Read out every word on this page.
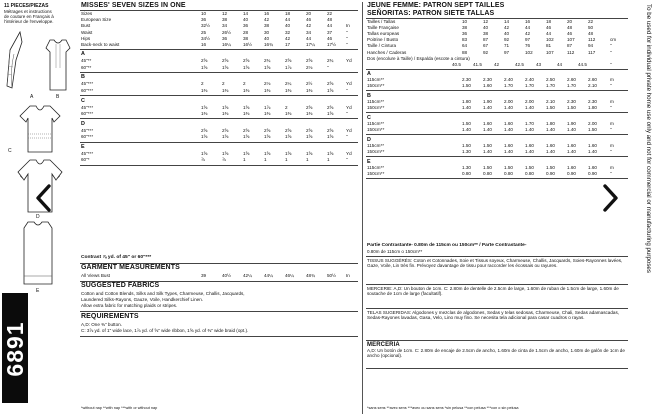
11 PIECES/PIEZAS
Métrages et instructions
de couture en Français à
l'intérieur de l'enveloppe.
A	B
C
D
E
6891
MISSES' SEVEN SIZES IN ONE
Sizes	10	12	14	16	18	20	22
European Size	36	38	40	42	44	46	48
Bust	32½	34	36	38	40	42	44	In
Waist	25	26½	28	30	32	34	37	"
Hips	34½	36	38	40	42	44	46	"
Back-neck to waist	16	16¼	16½	16¾	17	17¼	17½ "
A
45"**	2⅝	2⅝	2⅝	2¾	2⅝	2⅝	2¾	Yd
60"**	1⅝	1⅝	1⅝	1⅝	1⅞	2⅛	"
B
45"***	2	2	2	2⅛	2¼	2½	2⅝	Yd
60"***	1⅜	1⅜	1⅜	1⅜	1⅜	1⅜	1⅝	"
C
45"***	1⅝	1⅝	1⅝	1⅞	2	2⅝	2⅝	Yd
60"***	1⅜	1⅜	1⅜	1⅜	1⅜	1⅜	1⅝	"
D
45"***	2⅝	2⅝	2⅝	2⅝	2⅝	2⅝	2⅝	Yd
60"***	1⅝	1⅝	1⅝	1⅝	1⅝	1⅝	1⅝	"
E
45"***	1⅝	1⅝	1⅝	1⅝	1⅝	1⅝	1⅝	Yd
60"*	⅞	⅞	1	1	1	1	1	"
Contrast ⅞ yd. of 45" or 60"***
GARMENT MEASUREMENTS
All Views Bust	39	40½	42¼	44¼	46¼	48¾	50½ In
SUGGESTED FABRICS
Cotton and Cotton Blends, Silks and Silk Types, Charmeuse, Challis, Jacquards,
Laundered Silks-Rayons, Gauze, Voile, Handkerchief Linen.
Allow extra fabric for matching plaids or stripes.
REQUIREMENTS
A,D: One ⅜" button.
C: 3⅞ yd. of 1" wide lace, 1⅞ yd. of ⅝" wide ribbon, 1⅝ yd. of ⅜" wide braid (opt.).
*without nap **with nap ***with or without nap
JEUNE FEMME: PATRON SEPT TAILLES
SEÑORITAS: PATRON SIETE TALLAS
Tailles / Tallas	10	12	14	16	18	20	22
Taille Française	38	40	42	44	46	48	50
Tallas europeas	36	38	40	42	44	46	48
Poitrine / Busto	83	87	92	97	102	107	112	cm
Taille / Cintura	64	67	71	76	81	87	94	"
Hanches / Caderas	88	92	97	102	107	112	117	"
Dos (encolure à Taille) / Espalda (escote a cintura)
40.5	41.5	42	42.5	43	44	44.5	"
A
115cm**	2.30	2.30	2.40	2.40	2.50	2.60	2.60	m
150cm**	1.50	1.60	1.70	1.70	1.70	1.70	2.10	"
B
115cm**	1.80	1.90	2.00	2.00	2.10	2.30	2.30	m
150cm**	1.40	1.40	1.40	1.40	1.50	1.50	1.80	"
C
115cm**	1.50	1.60	1.60	1.70	1.80	1.90	2.00	m
150cm**	1.40	1.40	1.40	1.40	1.40	1.40	1.50	"
D
115cm**	1.50	1.50	1.60	1.60	1.60	1.60	1.60	m
150cm**	1.30	1.40	1.40	1.40	1.40	1.40	1.40	"
E
115cm**	1.30	1.50	1.50	1.50	1.50	1.60	1.60	m
150cm**	0.80	0.80	0.80	0.80	0.90	0.90	0.90	"
Partie Contrastante- 0.80m de 115cm ou 150cm** / Parte Contrastante-
0.80m de 115cm o 150cm**
TISSUS SUGGÉRÉS: Coton et Cotonnades, Soie et Tissus soyeux, Charmeuse, Challis, Jacquards, Soies-Rayonnes lavées, Gaze, Voile, Lin très fin. Prévoyez davantage de tissu pour raccorder les écossais ou rayures.
MERCERIE: A,D: Un bouton de 1cm. C: 2.80m de dentelle de 2.5cm de large, 1.60m de ruban de 1.5cm de large, 1.60m de soutache de 1cm de large (facultatif).
TELAS SUGERIDAS: Algodones y mezclas de algodones, Sedas y telas sedosas, Charmeuse, Chali, Sedas adamascadas, Sedas-Rayones lavadas, Gasa, Velo, Lino muy fino. Se necesita tela adicional para casar cuadros o rayas.
MERCERIA
A,D: Un botón de 1cm. C: 2.80m de encaje de 2.5cm de ancho, 1.60m de cinta de 1.5cm de ancho, 1.60m de galón de 1cm de ancho (opcional).
*sans sens **avec sens ***avec ou sans sens *sin pelusa **con pelusa ***con o sin pelusa
To be used for individual private home use only and not for commercial or manufacturing purposes
